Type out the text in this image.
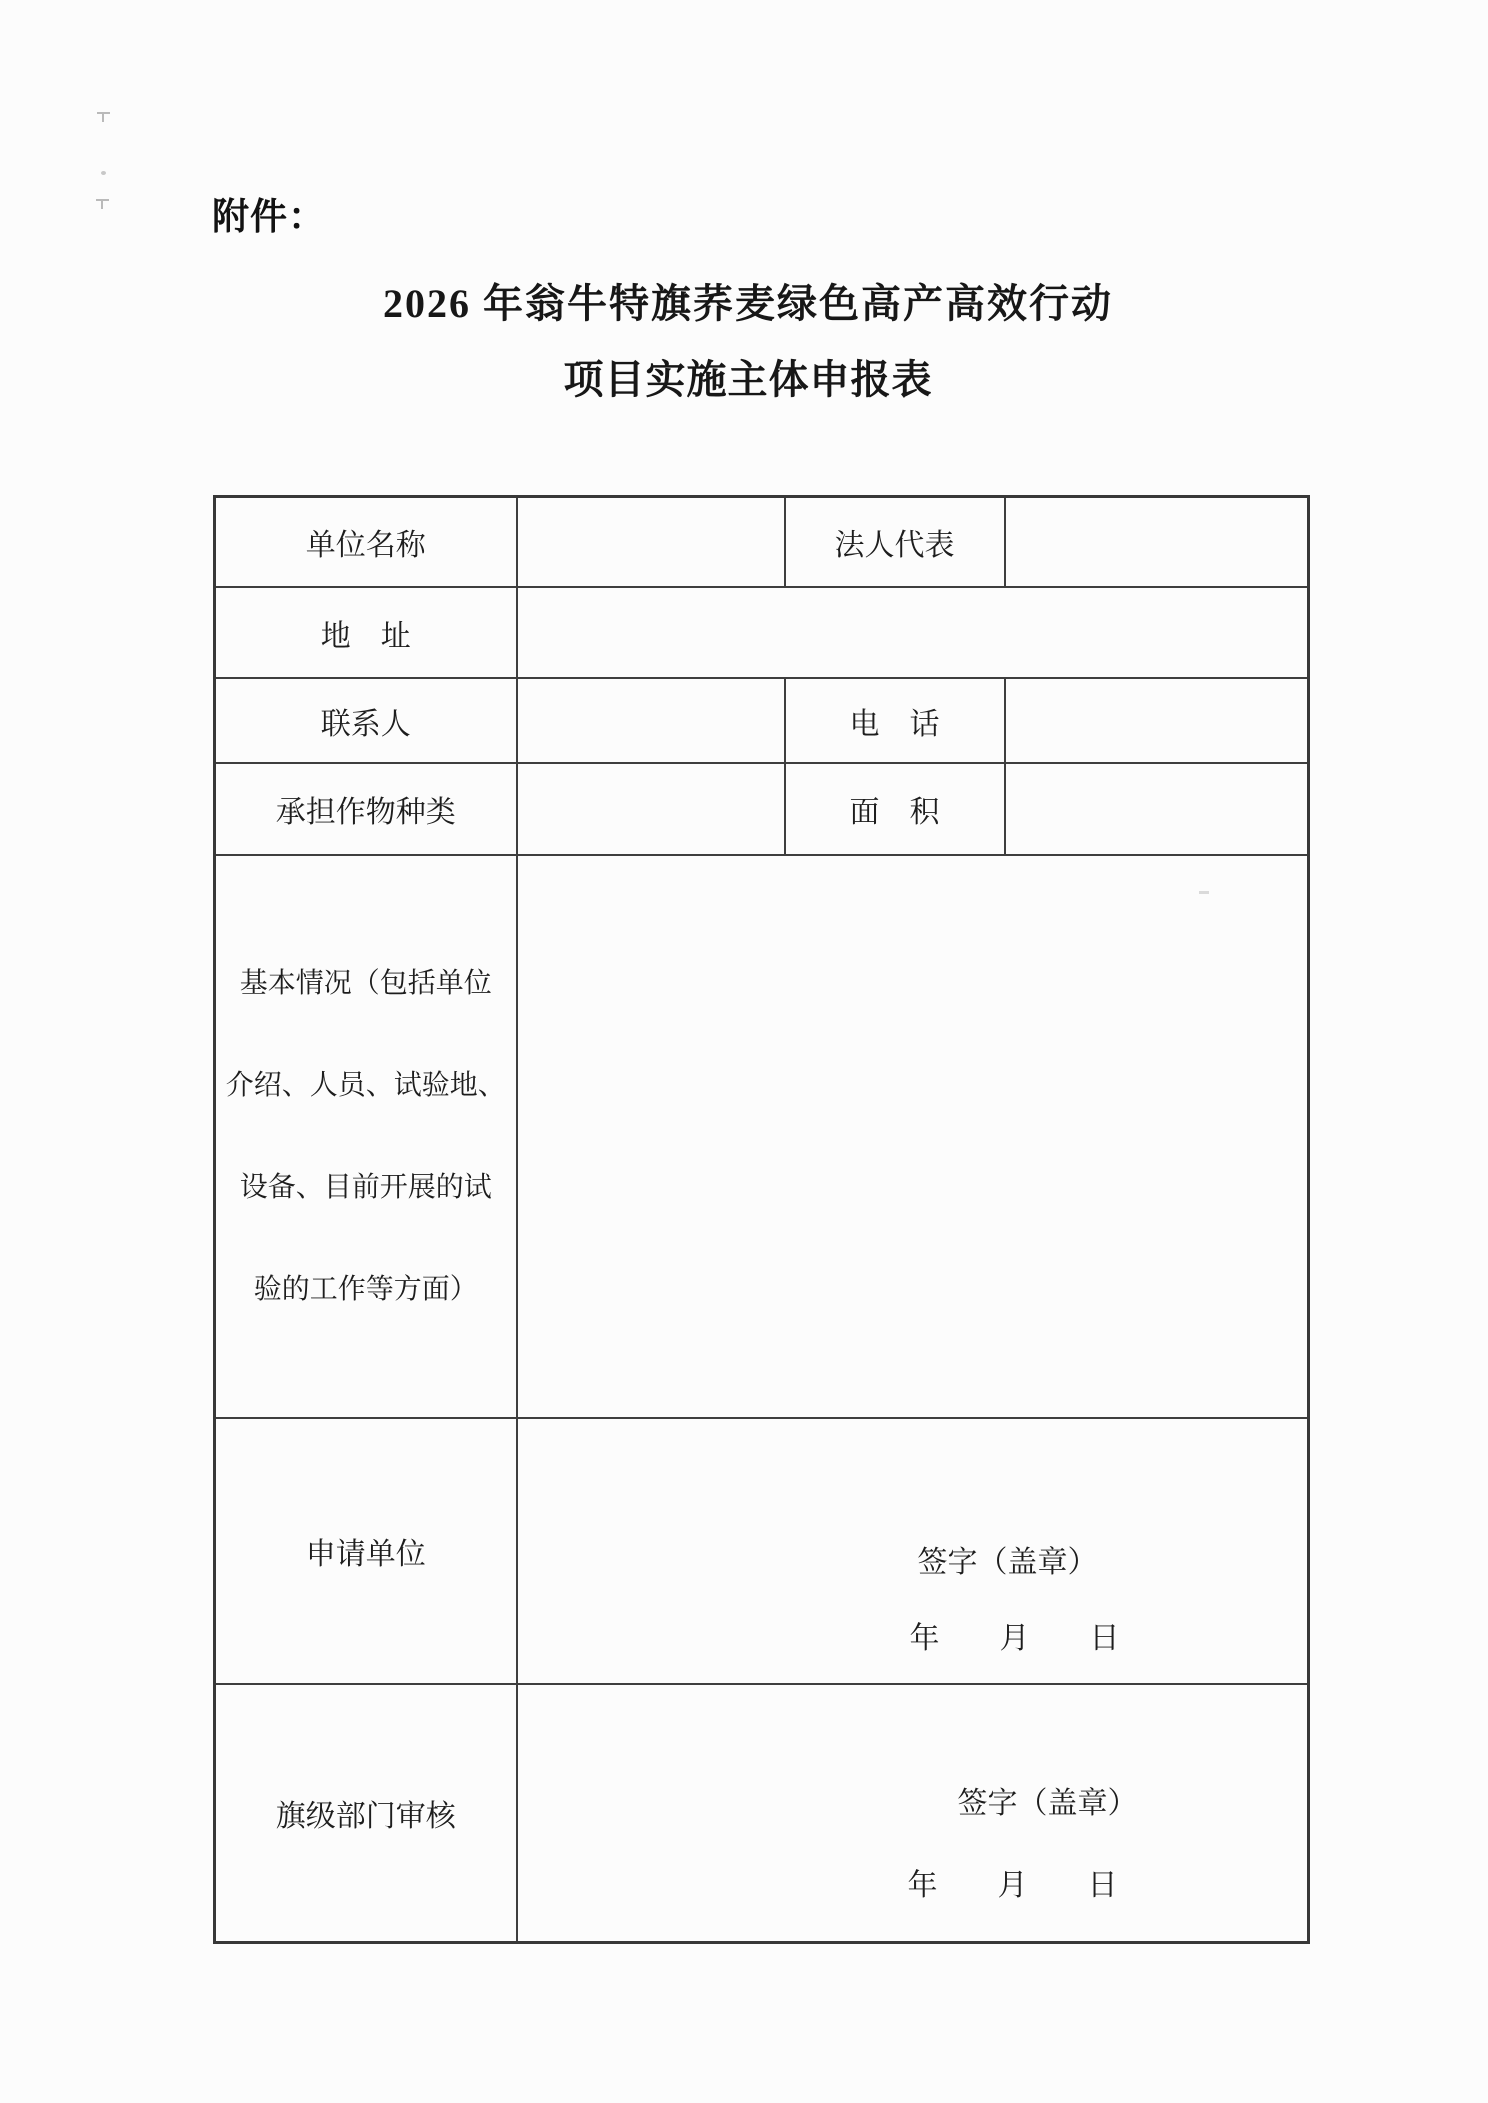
附件：
2026 年翁牛特旗荞麦绿色高产高效行动
项目实施主体申报表
单位名称		法人代表	
地　址			
联系人		电　话	
承担作物种类		面　积	

基本情况（包括单位

介绍、人员、试验地、

设备、目前开展的试

验的工作等方面）			

申请单位	签字（盖章）
年　　月　　日		

旗级部门审核	签字（盖章）
年　　月　　日		
